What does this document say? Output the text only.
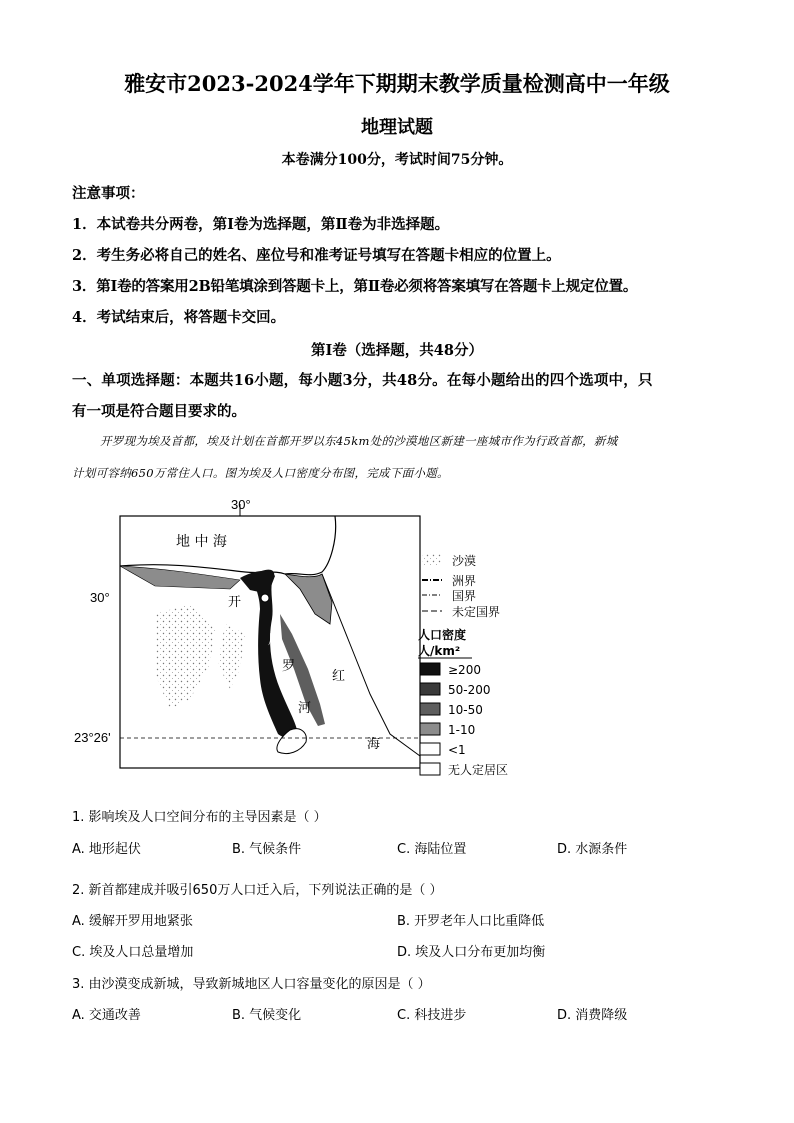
雅安市2023-2024学年下期期末教学质量检测高中一年级
地理试题
本卷满分100分，考试时间75分钟。
注意事项：
1．本试卷共分两卷，第Ⅰ卷为选择题，第Ⅱ卷为非选择题。
2．考生务必将自己的姓名、座位号和准考证号填写在答题卡相应的位置上。
3．第Ⅰ卷的答案用2B铅笔填涂到答题卡上，第Ⅱ卷必须将答案填写在答题卡上规定位置。
4．考试结束后，将答题卡交回。
第Ⅰ卷（选择题，共48分）
一、单项选择题：本题共16小题，每小题3分，共48分。在每小题给出的四个选项中，只
有一项是符合题目要求的。
开罗现为埃及首都，埃及计划在首都开罗以东45km处的沙漠地区新建一座城市作为行政首都，新城
计划可容纳650万常住人口。图为埃及人口密度分布图，完成下面小题。
30°
30°
23°26'
地 中 海
开
尼
罗
河
红
海
沙漠
洲界
国界
未定国界
人口密度
人/km²
≥200
50-200
10-50
1-10
<1
无人定居区
1. 影响埃及人口空间分布的主导因素是（ ）
A. 地形起伏	B. 气候条件	C. 海陆位置	D. 水源条件
2. 新首都建成并吸引650万人口迁入后，下列说法正确的是（ ）
A. 缓解开罗用地紧张	B. 开罗老年人口比重降低
C. 埃及人口总量增加	D. 埃及人口分布更加均衡
3. 由沙漠变成新城，导致新城地区人口容量变化的原因是（ ）
A. 交通改善	B. 气候变化	C. 科技进步	D. 消费降级
